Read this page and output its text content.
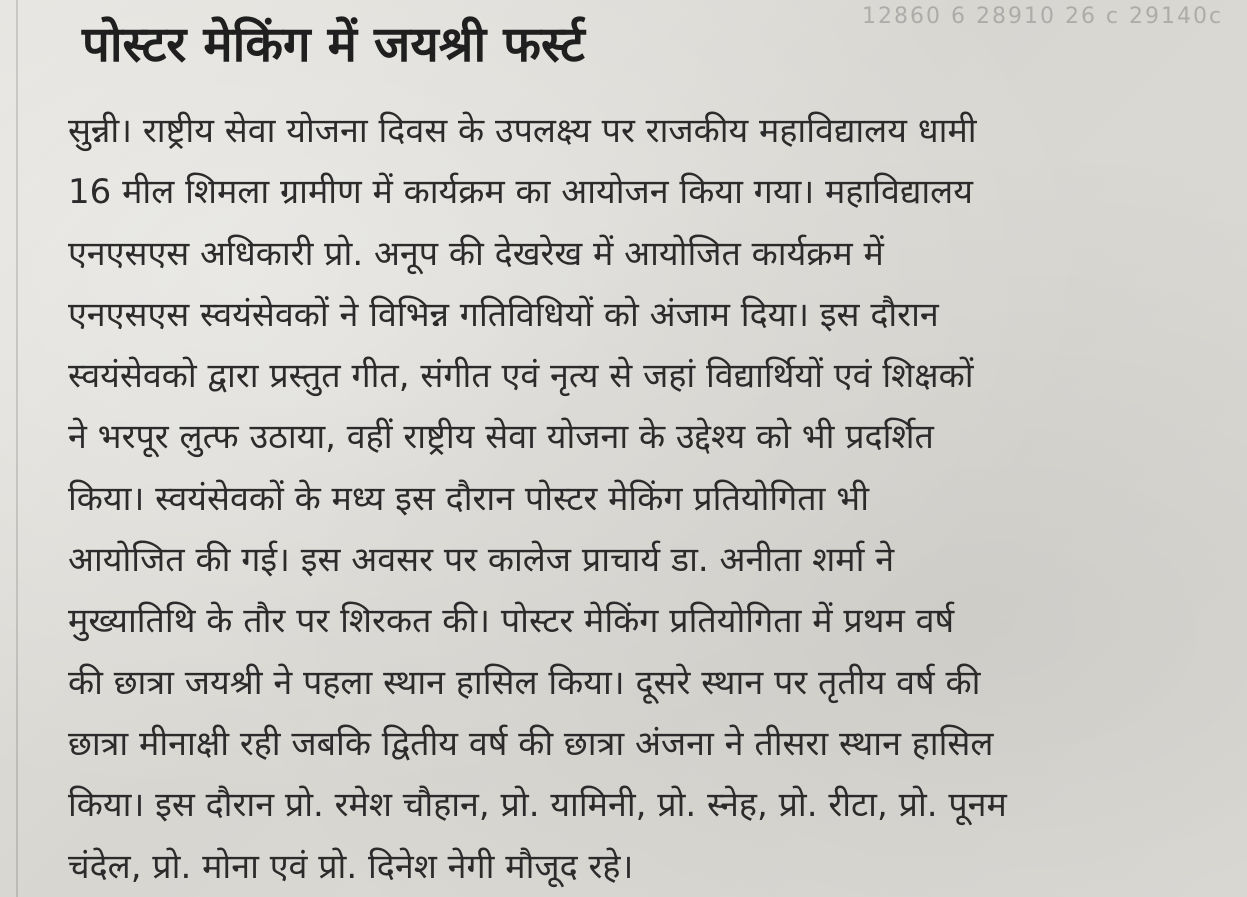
12860 6 28910 26 c 29140c
पोस्टर मेकिंग में जयश्री फर्स्ट
सुन्नी। राष्ट्रीय सेवा योजना दिवस के उपलक्ष्य पर राजकीय महाविद्यालय धामी
16 मील शिमला ग्रामीण में कार्यक्रम का आयोजन किया गया। महाविद्यालय
एनएसएस अधिकारी प्रो. अनूप की देखरेख में आयोजित कार्यक्रम में
एनएसएस स्वयंसेवकों ने विभिन्न गतिविधियों को अंजाम दिया। इस दौरान
स्वयंसेवको द्वारा प्रस्तुत गीत, संगीत एवं नृत्य से जहां विद्यार्थियों एवं शिक्षकों
ने भरपूर लुत्फ उठाया, वहीं राष्ट्रीय सेवा योजना के उद्देश्य को भी प्रदर्शित
किया। स्वयंसेवकों के मध्य इस दौरान पोस्टर मेकिंग प्रतियोगिता भी
आयोजित की गई। इस अवसर पर कालेज प्राचार्य डा. अनीता शर्मा ने
मुख्यातिथि के तौर पर शिरकत की। पोस्टर मेकिंग प्रतियोगिता में प्रथम वर्ष
की छात्रा जयश्री ने पहला स्थान हासिल किया। दूसरे स्थान पर तृतीय वर्ष की
छात्रा मीनाक्षी रही जबकि द्वितीय वर्ष की छात्रा अंजना ने तीसरा स्थान हासिल
किया। इस दौरान प्रो. रमेश चौहान, प्रो. यामिनी, प्रो. स्नेह, प्रो. रीटा, प्रो. पूनम
चंदेल, प्रो. मोना एवं प्रो. दिनेश नेगी मौजूद रहे।
